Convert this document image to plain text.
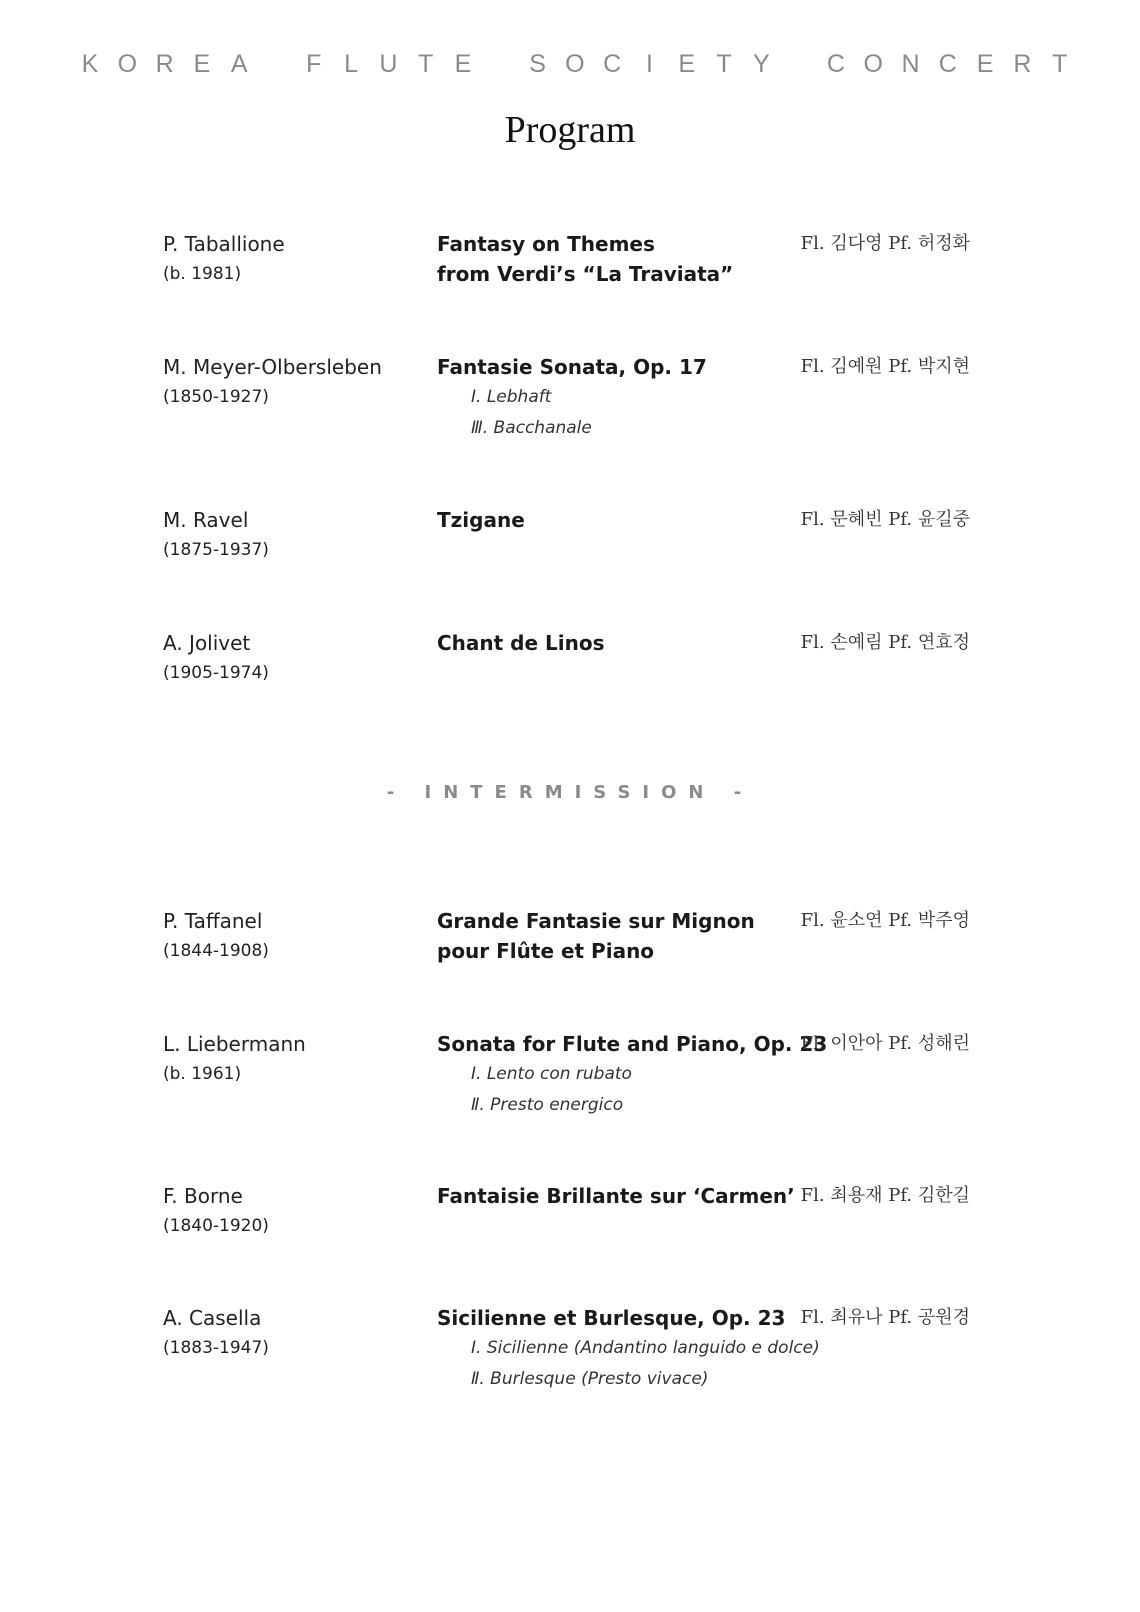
K O R E A F L U T E S O C I E T Y C O N C E R T
Program
P. Taballione
(b. 1981)
Fantasy on Themes
from Verdi’s “La Traviata”
Fl. 김다영 Pf. 허정화
M. Meyer-Olbersleben
(1850-1927)
Fantasie Sonata, Op. 17
Ⅰ. Lebhaft
Ⅲ. Bacchanale
Fl. 김예원 Pf. 박지현
M. Ravel
(1875-1937)
Tzigane	Fl. 문혜빈 Pf. 윤길중
A. Jolivet
(1905-1974)
Chant de Linos	Fl. 손예림 Pf. 연효정
- INTERMISSION -
P. Taffanel
(1844-1908)
Grande Fantasie sur Mignon
pour Flûte et Piano
Fl. 윤소연 Pf. 박주영
L. Liebermann
(b. 1961)
Sonata for Flute and Piano, Op. 23
Ⅰ. Lento con rubato
Ⅱ. Presto energico
Fl. 이안아 Pf. 성해린
F. Borne
(1840-1920)
Fantaisie Brillante sur ‘Carmen’ Fl. 최용재 Pf. 김한길
A. Casella
(1883-1947)
Sicilienne et Burlesque, Op. 23
Ⅰ. Sicilienne (Andantino languido e dolce)
Ⅱ. Burlesque (Presto vivace)
Fl. 최유나 Pf. 공원경
